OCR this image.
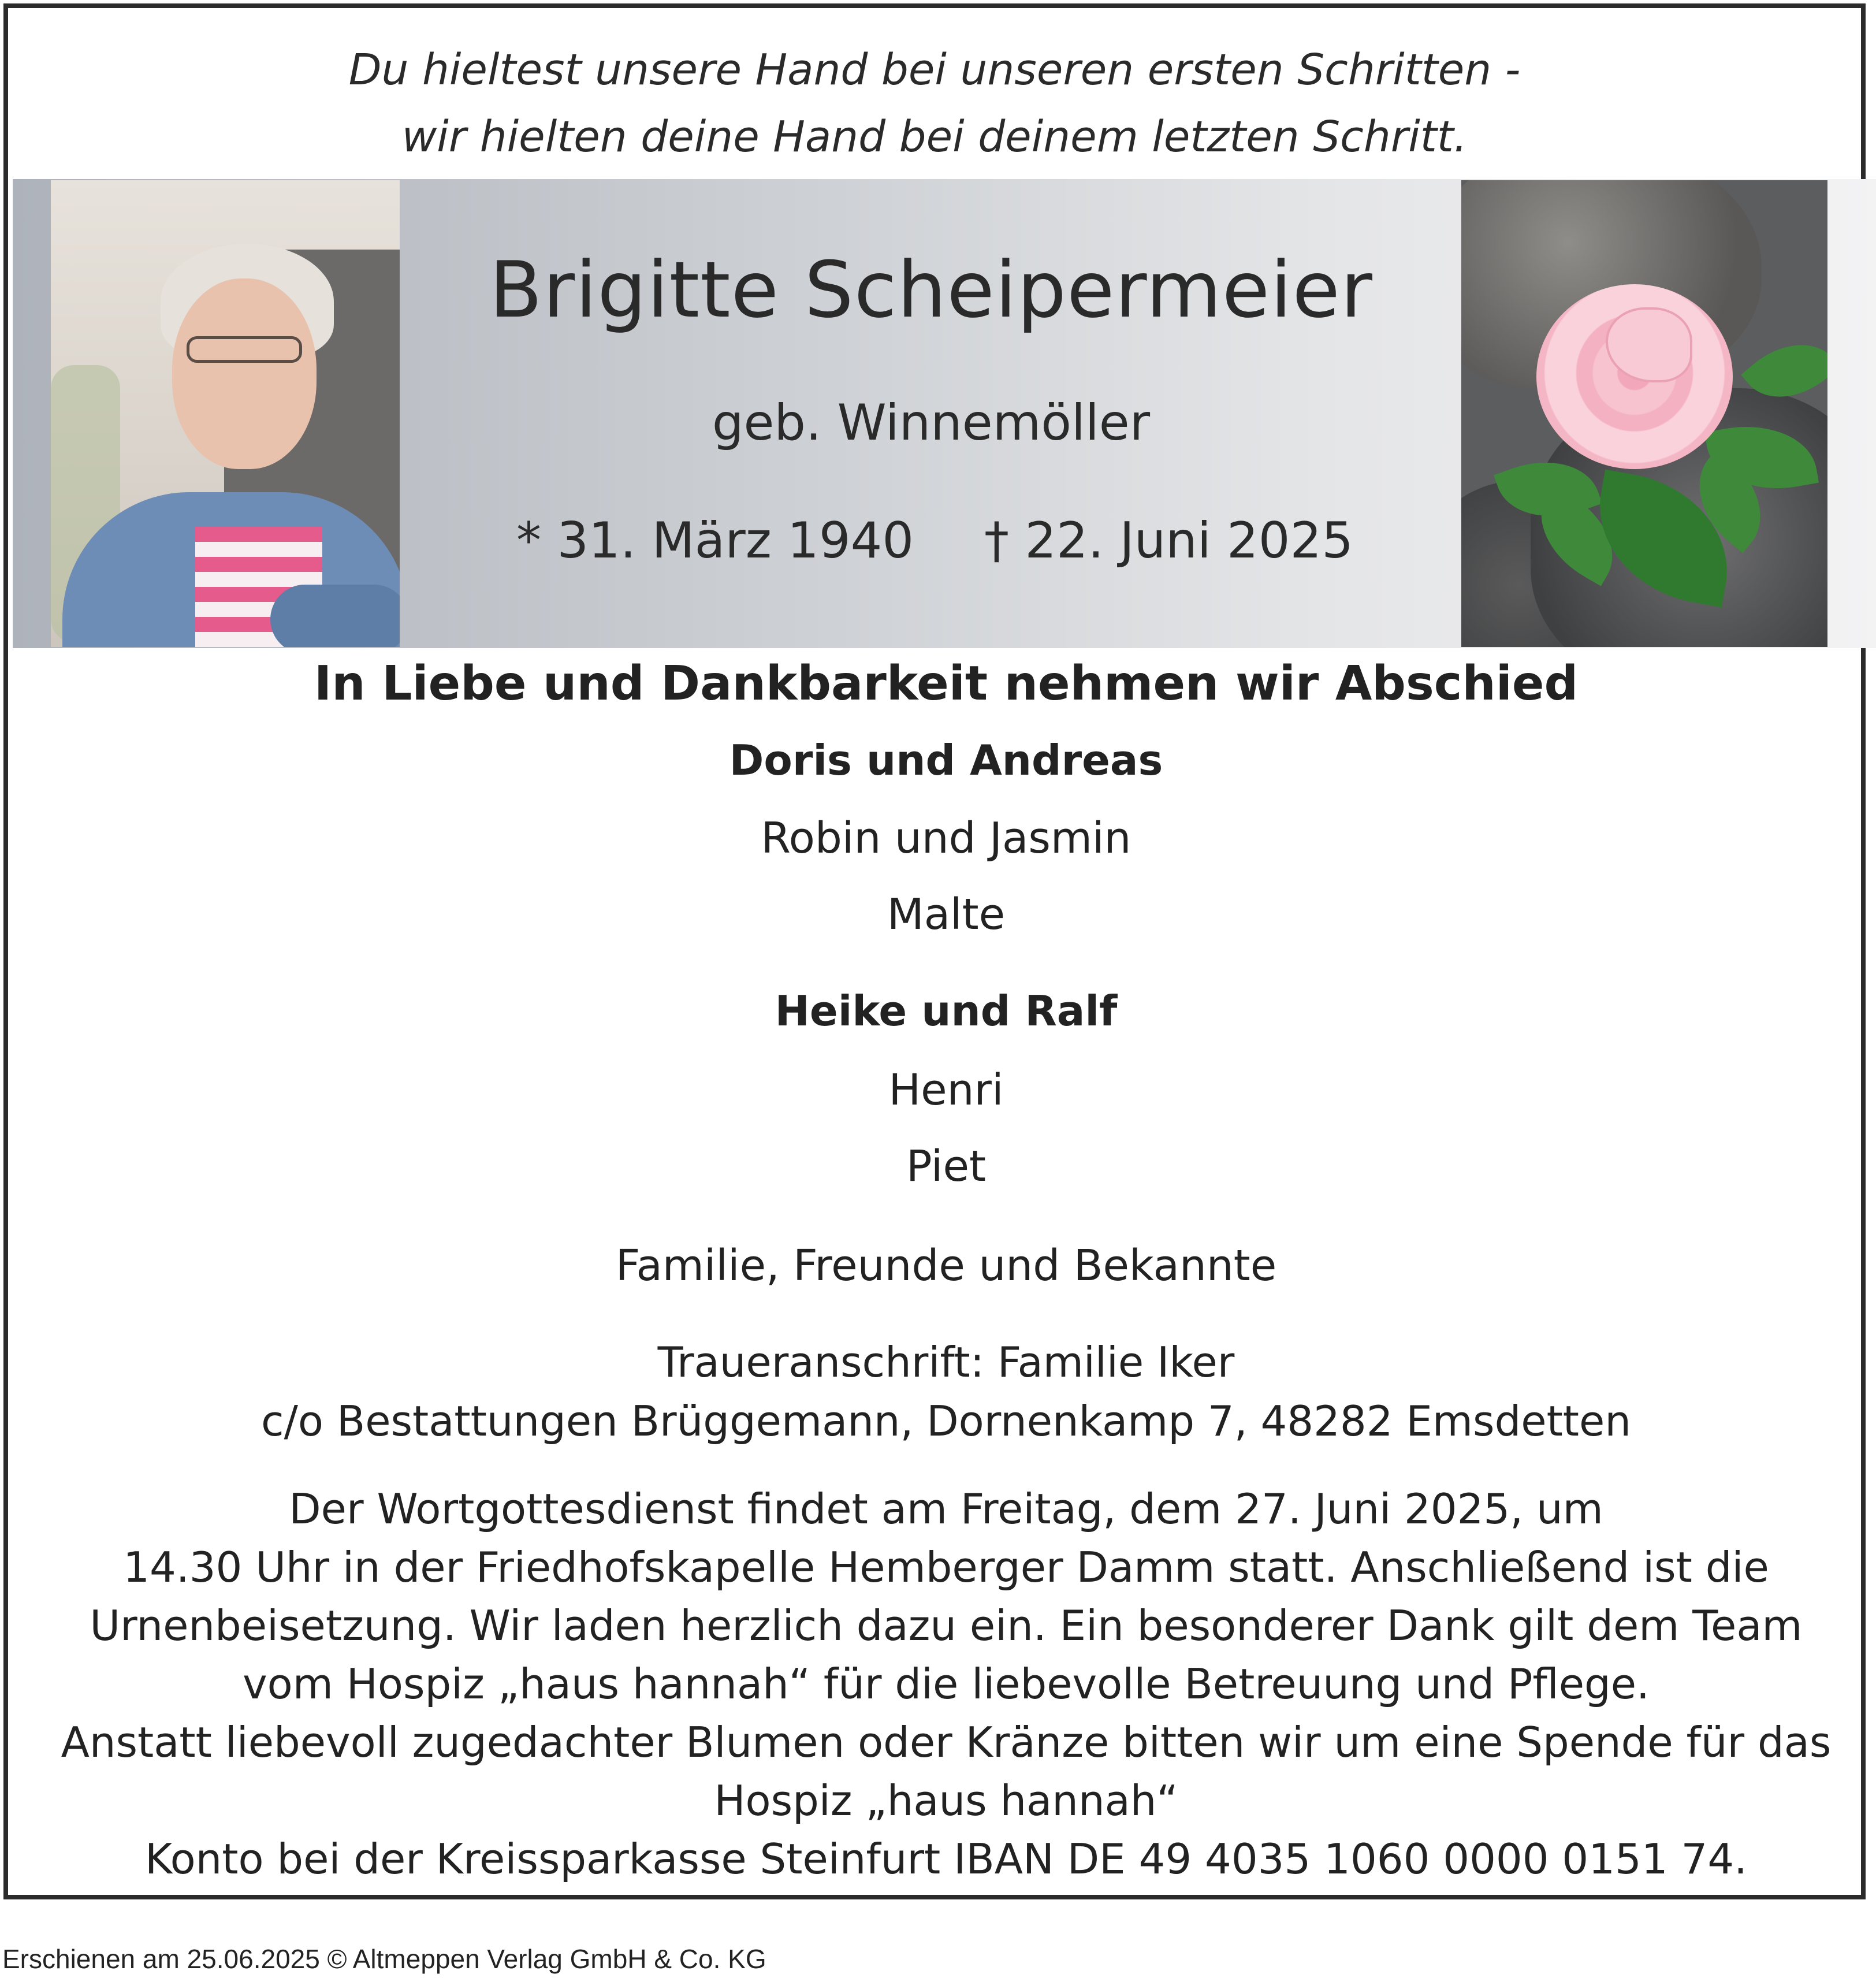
Du hieltest unsere Hand bei unseren ersten Schritten -
wir hielten deine Hand bei deinem letzten Schritt.
Brigitte Scheipermeier
geb. Winnemöller
* 31. März 1940 † 22. Juni 2025
In Liebe und Dankbarkeit nehmen wir Abschied
Doris und Andreas
Robin und Jasmin
Malte
Heike und Ralf
Henri
Piet
Familie, Freunde und Bekannte
Traueranschrift: Familie Iker
c/o Bestattungen Brüggemann, Dornenkamp 7, 48282 Emsdetten
Der Wortgottesdienst findet am Freitag, dem 27. Juni 2025, um
14.30 Uhr in der Friedhofskapelle Hemberger Damm statt. Anschließend ist die
Urnenbeisetzung. Wir laden herzlich dazu ein. Ein besonderer Dank gilt dem Team
vom Hospiz „haus hannah“ für die liebevolle Betreuung und Pflege.
Anstatt liebevoll zugedachter Blumen oder Kränze bitten wir um eine Spende für das
Hospiz „haus hannah“
Konto bei der Kreissparkasse Steinfurt IBAN DE 49 4035 1060 0000 0151 74.
Erschienen am 25.06.2025 © Altmeppen Verlag GmbH & Co. KG
